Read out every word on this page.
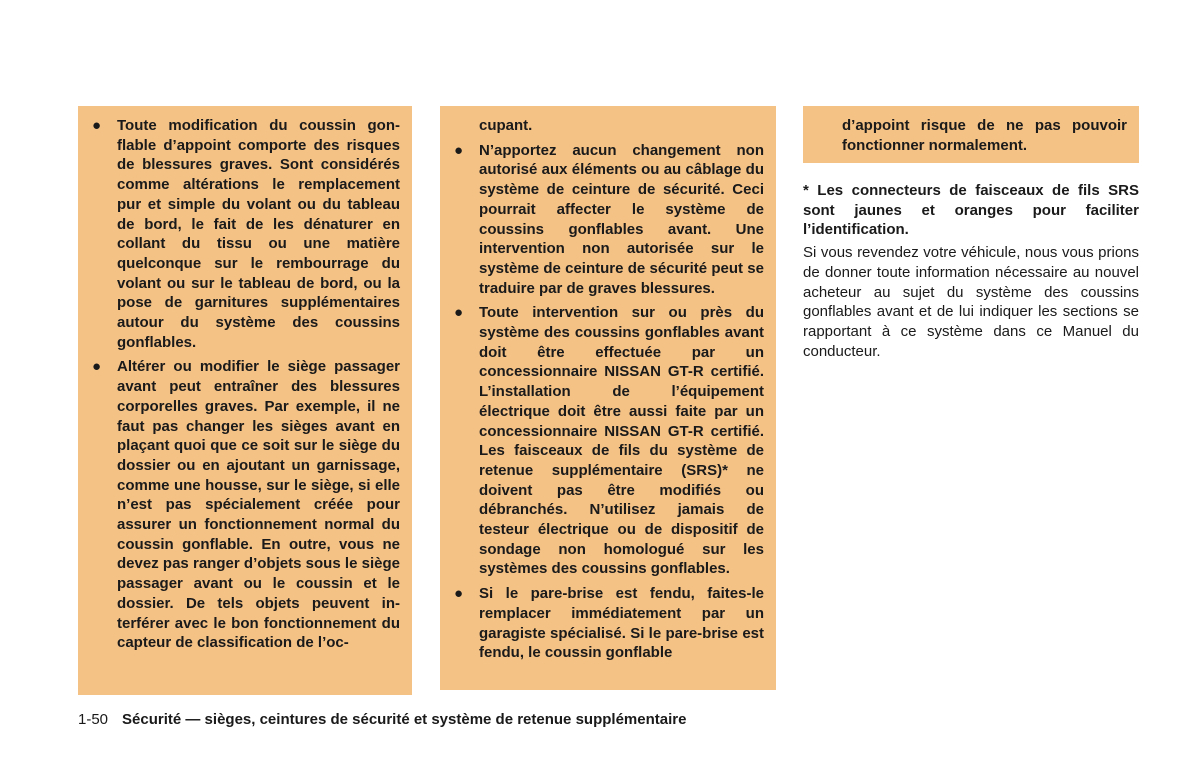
● Toute modification du coussin gonflable d’appoint comporte des risques de blessures graves. Sont considérés comme altérations le remplacement pur et simple du volant ou du tableau de bord, le fait de les dénaturer en collant du tissu ou une matière quelconque sur le rembourrage du volant ou sur le tableau de bord, ou la pose de garnitures supplémentaires autour du système des coussins gonflables.
● Altérer ou modifier le siège passager avant peut entraîner des blessures corporelles graves. Par exemple, il ne faut pas changer les sièges avant en plaçant quoi que ce soit sur le siège du dossier ou en ajoutant un garnissage, comme une housse, sur le siège, si elle n’est pas spécialement créée pour assurer un fonctionnement normal du coussin gonflable. En outre, vous ne devez pas ranger d’objets sous le siège passager avant ou le coussin et le dossier. De tels objets peuvent interférer avec le bon fonctionnement du capteur de classification de l’oc-
cupant.
● N’apportez aucun changement non autorisé aux éléments ou au câblage du système de ceinture de sécurité. Ceci pourrait affecter le système de coussins gonflables avant. Une intervention non autorisée sur le système de ceinture de sécurité peut se traduire par de graves blessures.
● Toute intervention sur ou près du système des coussins gonflables avant doit être effectuée par un concessionnaire NISSAN GT-R certifié. L’installation de l’équipement électrique doit être aussi faite par un concessionnaire NISSAN GT-R certifié. Les faisceaux de fils du système de retenue supplémentaire (SRS)* ne doivent pas être modifiés ou débranchés. N’utilisez jamais de testeur électrique ou de dispositif de sondage non homologué sur les systèmes des coussins gonflables.
● Si le pare-brise est fendu, faites-le remplacer immédiatement par un garagiste spécialisé. Si le pare-brise est fendu, le coussin gonflable
d’appoint risque de ne pas pouvoir fonctionner normalement.

* Les connecteurs de faisceaux de fils SRS sont jaunes et oranges pour faciliter l’identification.

Si vous revendez votre véhicule, nous vous prions de donner toute information nécessaire au nouvel acheteur au sujet du système des coussins gonflables avant et de lui indiquer les sections se rapportant à ce système dans ce Manuel du conducteur.

1-50 Sécurité — sièges, ceintures de sécurité et système de retenue supplémentaire
